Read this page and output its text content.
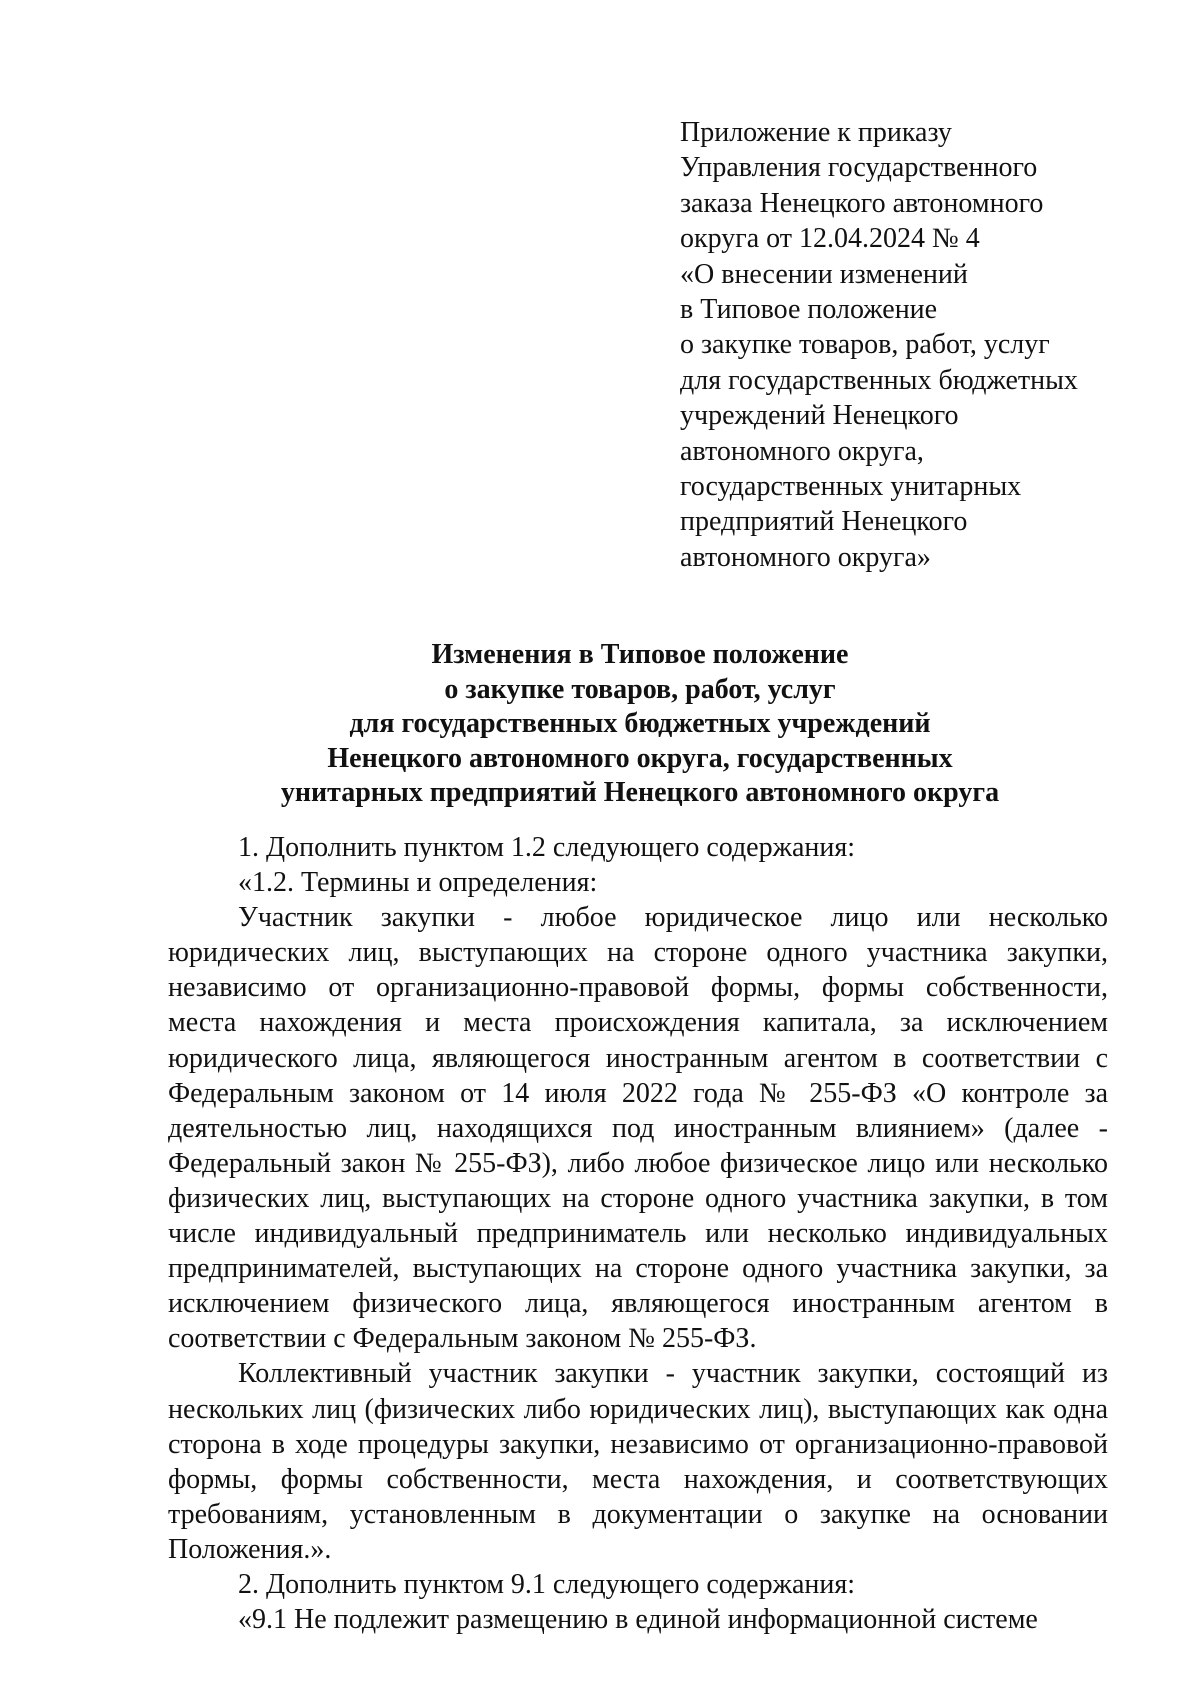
Приложение к приказу
Управления государственного
заказа Ненецкого автономного
округа от 12.04.2024 № 4
«О внесении изменений
в Типовое положение
о закупке товаров, работ, услуг
для государственных бюджетных
учреждений Ненецкого
автономного округа,
государственных унитарных
предприятий Ненецкого
автономного округа»
Изменения в Типовое положение
о закупке товаров, работ, услуг
для государственных бюджетных учреждений
Ненецкого автономного округа, государственных
унитарных предприятий Ненецкого автономного округа

1. Дополнить пунктом 1.2 следующего содержания:

«1.2. Термины и определения:

Участник закупки - любое юридическое лицо или несколько юридических лиц, выступающих на стороне одного участника закупки, независимо от организационно-правовой формы, формы собственности, места нахождения и места происхождения капитала, за исключением юридического лица, являющегося иностранным агентом в соответствии с Федеральным законом от 14 июля 2022 года № 255-ФЗ «О контроле за деятельностью лиц, находящихся под иностранным влиянием» (далее - Федеральный закон № 255-ФЗ), либо любое физическое лицо или несколько физических лиц, выступающих на стороне одного участника закупки, в том числе индивидуальный предприниматель или несколько индивидуальных предпринимателей, выступающих на стороне одного участника закупки, за исключением физического лица, являющегося иностранным агентом в соответствии с Федеральным законом № 255-ФЗ.

Коллективный участник закупки - участник закупки, состоящий из нескольких лиц (физических либо юридических лиц), выступающих как одна сторона в ходе процедуры закупки, независимо от организационно-правовой формы, формы собственности, места нахождения, и соответствующих требованиям, установленным в документации о закупке на основании Положения.».

2. Дополнить пунктом 9.1 следующего содержания:

«9.1 Не подлежит размещению в единой информационной системе
